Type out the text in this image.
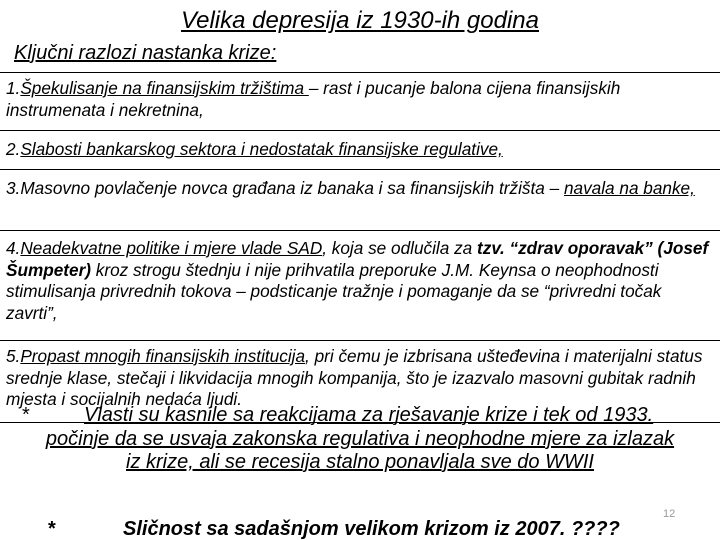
Velika depresija iz 1930-ih godina
Ključni razlozi nastanka krize:
1.Špekulisanje na finansijskim tržištima – rast i pucanje balona cijena finansijskih instrumenata i nekretnina,
2.Slabosti bankarskog sektora i nedostatak finansijske regulative,
3.Masovno povlačenje novca građana iz banaka i sa finansijskih tržišta – navala na banke,
4.Neadekvatne politike i mjere vlade SAD, koja se odlučila za tzv. “zdrav oporavak” (Josef Šumpeter) kroz strogu štednju i nije prihvatila preporuke J.M. Keynsa o neophodnosti stimulisanja privrednih tokova – podsticanje tražnje i pomaganje da se “privredni točak zavrti”,
5.Propast mnogih finansijskih institucija, pri čemu je izbrisana ušteđevina i materijalni status srednje klase, stečaji i likvidacija mnogih kompanija, što je izazvalo masovni gubitak radnih mjesta i socijalnih nedaća ljudi.
*	Vlasti su kasnile sa reakcijama za rješavanje krize i tek od 1933.
počinje da se usvaja zakonska regulativa i neophodne mjere za izlazak
iz krize, ali se recesija stalno ponavljala sve do WWII
12
*	Sličnost sa sadašnjom velikom krizom iz 2007. ????
